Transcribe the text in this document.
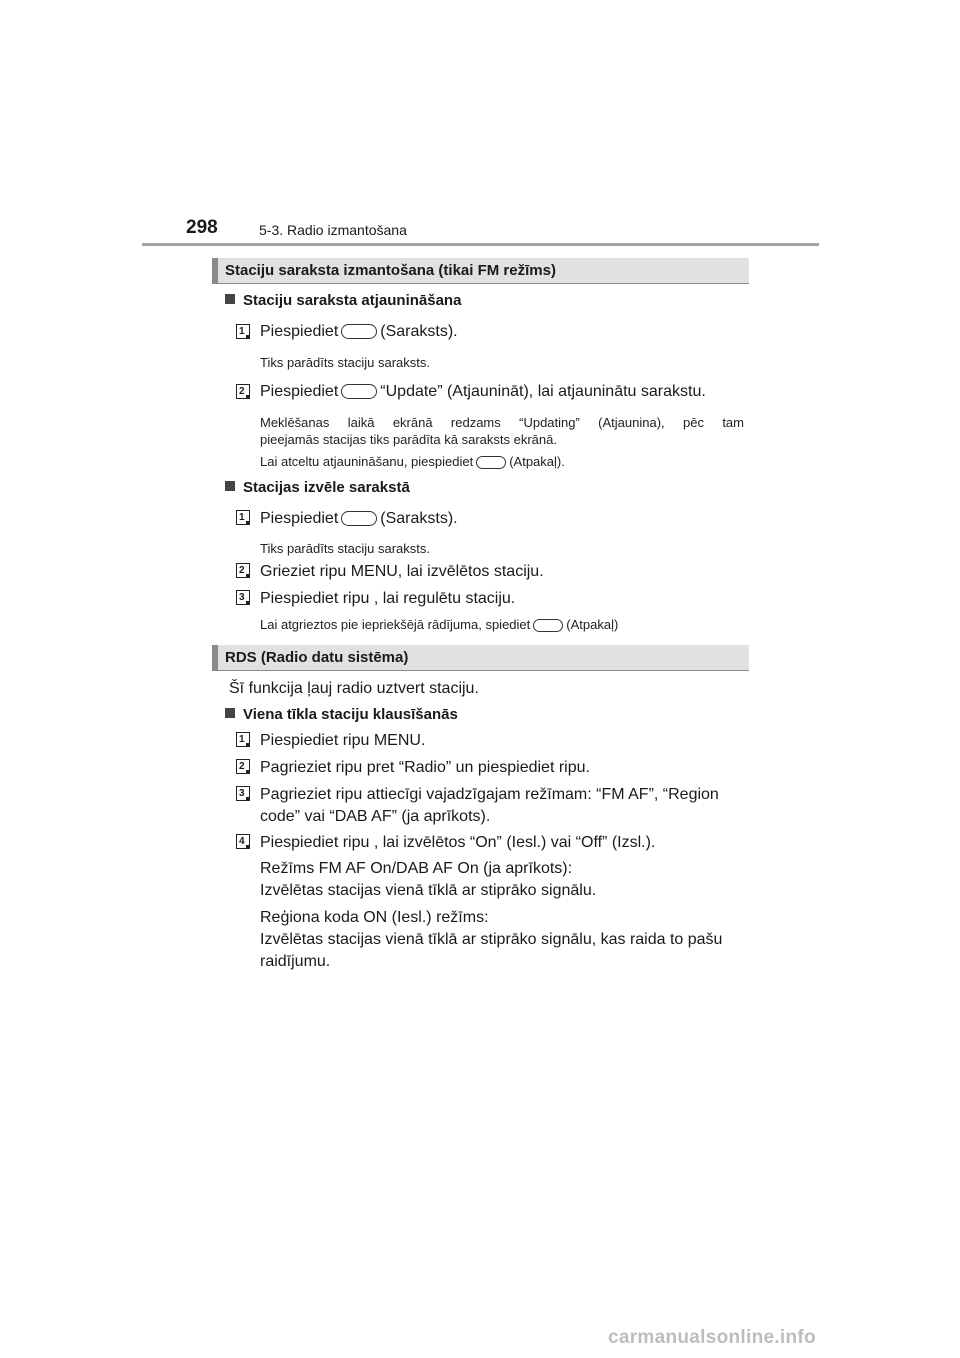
298	5-3. Radio izmantošana
Staciju saraksta izmantošana (tikai FM režīms)
Staciju saraksta atjaunināšana
1 Piespiediet	(Saraksts).
Tiks parādīts staciju saraksts.
2 Piespiediet	“Update” (Atjaunināt), lai atjauninātu sarakstu.
Meklēšanas laikā ekrānā redzams “Updating” (Atjaunina), pēc tam
pieejamās stacijas tiks parādīta kā saraksts ekrānā.
Lai atceltu atjaunināšanu, piespiediet	(Atpakaļ).
Stacijas izvēle sarakstā
1 Piespiediet	(Saraksts).
Tiks parādīts staciju saraksts.
2 Grieziet ripu MENU, lai izvēlētos staciju.
3 Piespiediet ripu , lai regulētu staciju.
Lai atgrieztos pie iepriekšējā rādījuma, spiediet	(Atpakaļ)
RDS (Radio datu sistēma)
Šī funkcija ļauj radio uztvert staciju.
Viena tīkla staciju klausīšanās
1 Piespiediet ripu MENU.
2 Pagrieziet ripu pret “Radio” un piespiediet ripu.
3 Pagrieziet ripu attiecīgi vajadzīgajam režīmam: “FM AF”, “Region
code” vai “DAB AF” (ja aprīkots).
4 Piespiediet ripu , lai izvēlētos “On” (Iesl.) vai “Off” (Izsl.).
Režīms FM AF On/DAB AF On (ja aprīkots):
Izvēlētas stacijas vienā tīklā ar stiprāko signālu.
Reģiona koda ON (Iesl.) režīms:
Izvēlētas stacijas vienā tīklā ar stiprāko signālu, kas raida to pašu
raidījumu.
carmanualsonline.info
